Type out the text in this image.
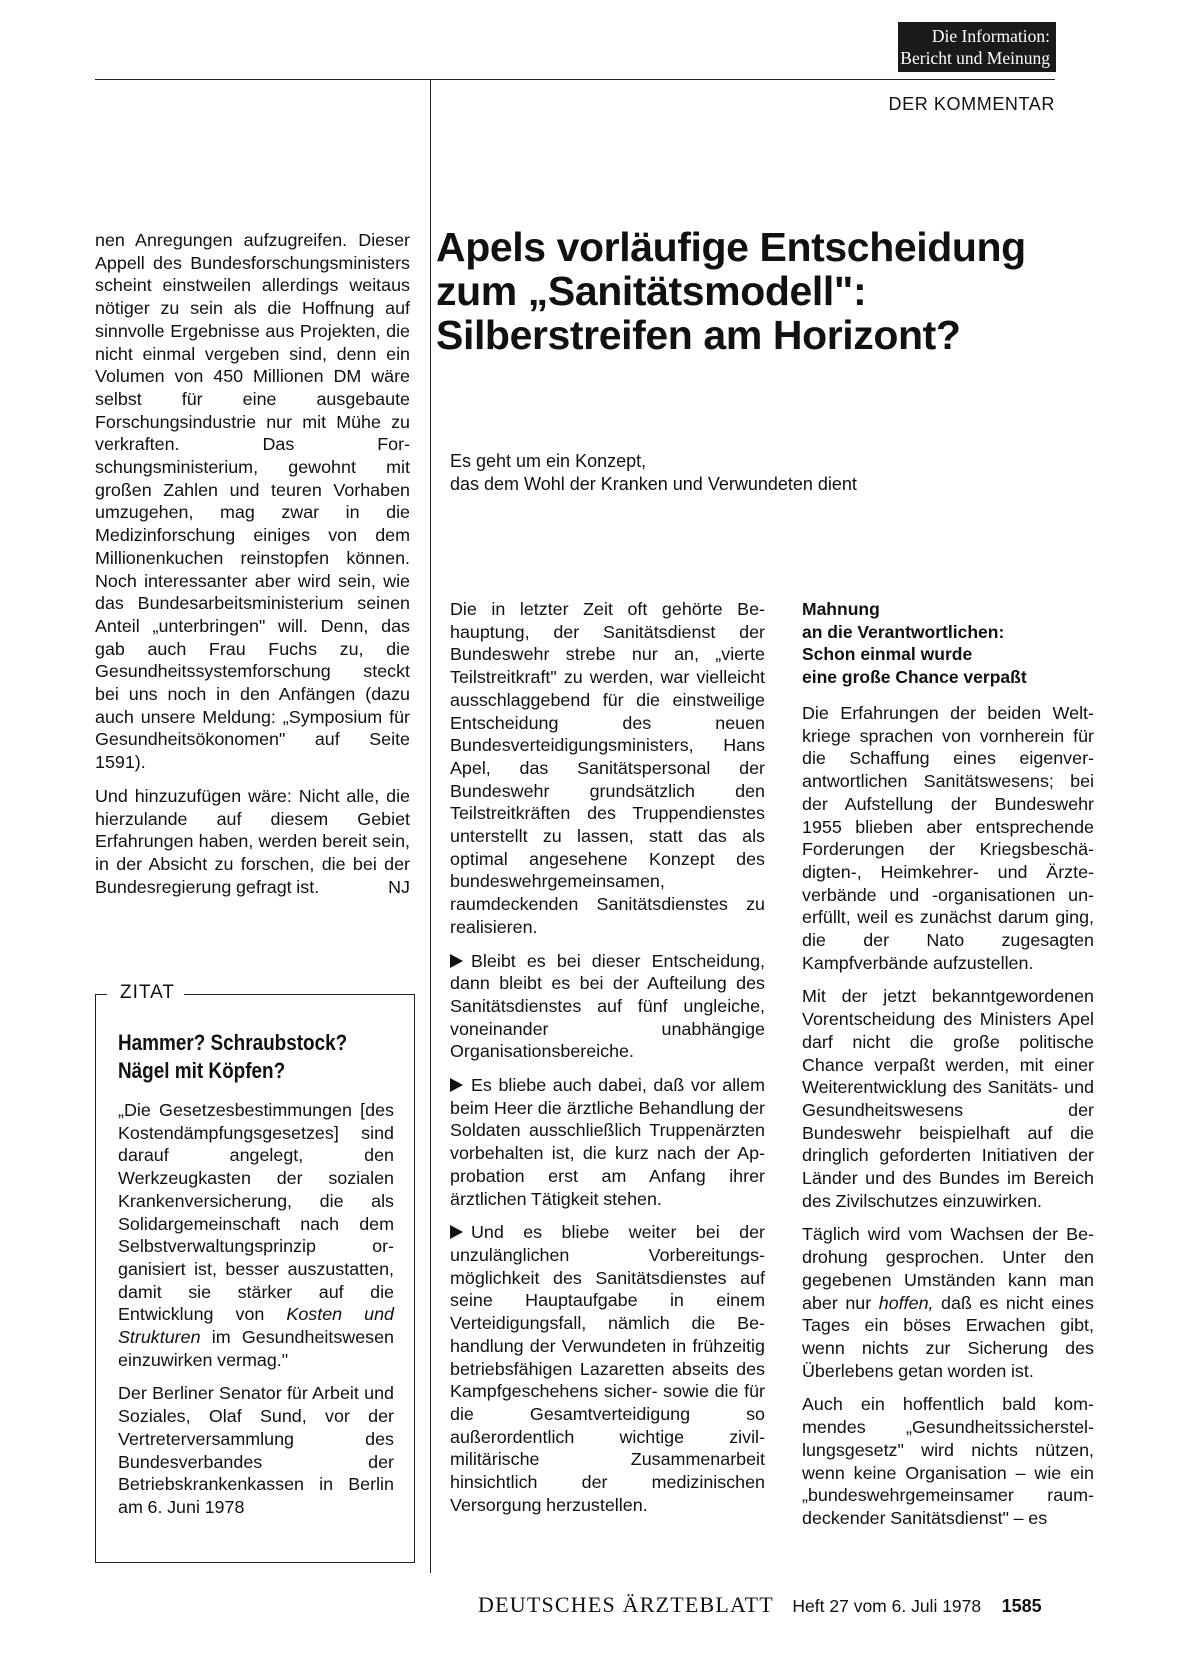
Die Information:
Bericht und Meinung
DER KOMMENTAR

nen Anregungen aufzugreifen. Dieser Appell des Bundesforschungsministers scheint einstweilen allerdings weitaus nötiger zu sein als die Hoffnung auf sinnvolle Ergebnisse aus Projekten, die nicht einmal vergeben sind, denn ein Volumen von 450 Millionen DM wäre selbst für eine ausgebaute Forschungsindustrie nur mit Mühe zu verkraften. Das Forschungsministerium, gewohnt mit großen Zahlen und teuren Vorhaben umzugehen, mag zwar in die Medizinforschung einiges von dem Millionenkuchen reinstopfen können. Noch interessanter aber wird sein, wie das Bundesarbeitsministerium seinen Anteil „unterbringen" will. Denn, das gab auch Frau Fuchs zu, die Gesundheitssystemforschung steckt bei uns noch in den Anfängen (dazu auch unsere Meldung: „Symposium für Gesundheitsökonomen" auf Seite 1591).

Und hinzuzufügen wäre: Nicht alle, die hierzulande auf diesem Gebiet Erfahrungen haben, werden bereit sein, in der Absicht zu forschen, die bei der Bundesregierung gefragt ist.	NJ

ZITAT
Hammer? Schraubstock? Nägel mit Köpfen?

„Die Gesetzesbestimmungen [des Kostendämpfungsgesetzes] sind darauf angelegt, den Werkzeugkasten der sozialen Krankenversicherung, die als Solidargemeinschaft nach dem Selbstverwaltungsprinzip organisiert ist, besser auszustatten, damit sie stärker auf die Entwicklung von Kosten und Strukturen im Gesundheitswesen einzuwirken vermag."

Der Berliner Senator für Arbeit und Soziales, Olaf Sund, vor der Vertreterversammlung des Bundesverbandes der Betriebskrankenkassen in Berlin am 6. Juni 1978

Apels vorläufige Entscheidung zum „Sanitätsmodell": Silberstreifen am Horizont?
Es geht um ein Konzept,
das dem Wohl der Kranken und Verwundeten dient

Die in letzter Zeit oft gehörte Behauptung, der Sanitätsdienst der Bundeswehr strebe nur an, „vierte Teilstreitkraft" zu werden, war vielleicht ausschlaggebend für die einstweilige Entscheidung des neuen Bundesverteidigungsministers, Hans Apel, das Sanitätspersonal der Bundeswehr grundsätzlich den Teilstreitkräften des Truppendienstes unterstellt zu lassen, statt das als optimal angesehene Konzept des bundeswehrgemeinsamen, raumdeckenden Sanitätsdienstes zu realisieren.

Bleibt es bei dieser Entscheidung, dann bleibt es bei der Aufteilung des Sanitätsdienstes auf fünf ungleiche, voneinander unabhängige Organisationsbereiche.

Es bliebe auch dabei, daß vor allem beim Heer die ärztliche Behandlung der Soldaten ausschließlich Truppenärzten vorbehalten ist, die kurz nach der Approbation erst am Anfang ihrer ärztlichen Tätigkeit stehen.

Und es bliebe weiter bei der unzulänglichen Vorbereitungsmöglichkeit des Sanitätsdienstes auf seine Hauptaufgabe in einem Verteidigungsfall, nämlich die Behandlung der Verwundeten in frühzeitig betriebsfähigen Lazaretten abseits des Kampfgeschehens sicher- sowie die für die Gesamtverteidigung so außerordentlich wichtige zivil-militärische Zusammenarbeit hinsichtlich der medizinischen Versorgung herzustellen.

Mahnung
an die Verantwortlichen:
Schon einmal wurde
eine große Chance verpaßt

Die Erfahrungen der beiden Weltkriege sprachen von vornherein für die Schaffung eines eigenverantwortlichen Sanitätswesens; bei der Aufstellung der Bundeswehr 1955 blieben aber entsprechende Forderungen der Kriegsbeschädigten-, Heimkehrer- und Ärzteverbände und -organisationen unerfüllt, weil es zunächst darum ging, die der Nato zugesagten Kampfverbände aufzustellen.

Mit der jetzt bekanntgewordenen Vorentscheidung des Ministers Apel darf nicht die große politische Chance verpaßt werden, mit einer Weiterentwicklung des Sanitäts- und Gesundheitswesens der Bundeswehr beispielhaft auf die dringlich geforderten Initiativen der Länder und des Bundes im Bereich des Zivilschutzes einzuwirken.

Täglich wird vom Wachsen der Bedrohung gesprochen. Unter den gegebenen Umständen kann man aber nur hoffen, daß es nicht eines Tages ein böses Erwachen gibt, wenn nichts zur Sicherung des Überlebens getan worden ist.

Auch ein hoffentlich bald kommendes „Gesundheitssicherstellungsgesetz" wird nichts nützen, wenn keine Organisation – wie ein „bundeswehrgemeinsamer raumdeckender Sanitätsdienst" – es

DEUTSCHES ÄRZTEBLATT Heft 27 vom 6. Juli 1978 1585
